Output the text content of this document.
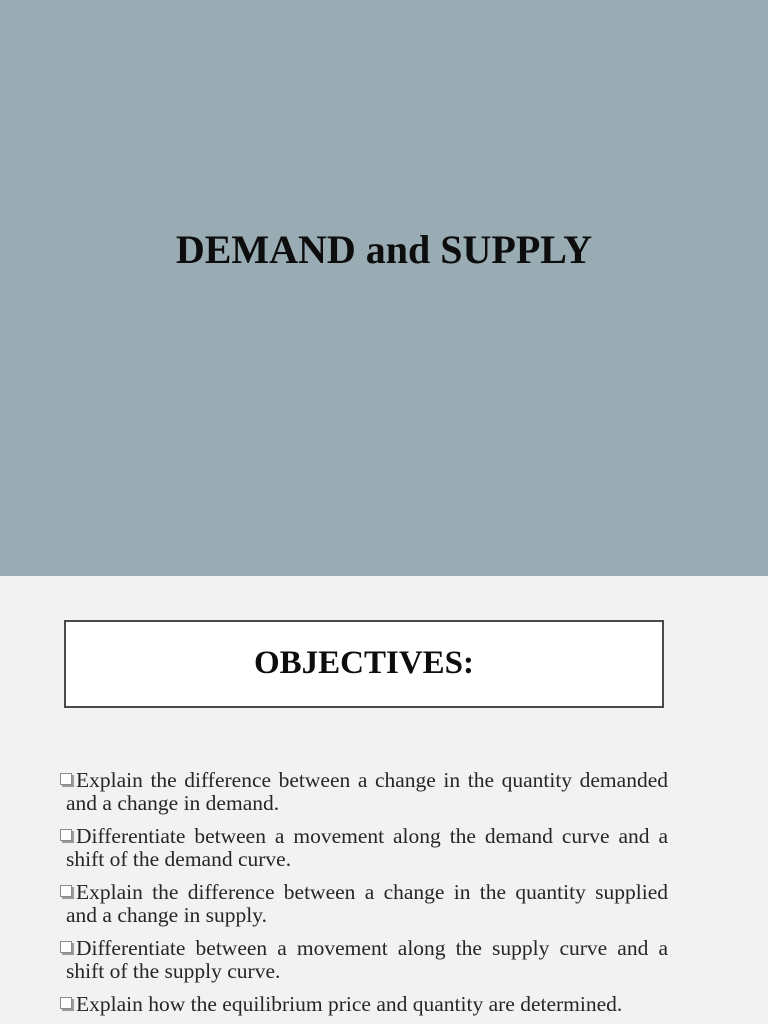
DEMAND and SUPPLY
OBJECTIVES:
Explain the difference between a change in the quantity demanded and a change in demand.
Differentiate between a movement along the demand curve and a shift of the demand curve.
Explain the difference between a change in the quantity supplied and a change in supply.
Differentiate between a movement along the supply curve and a shift of the supply curve.
Explain how the equilibrium price and quantity are determined.
